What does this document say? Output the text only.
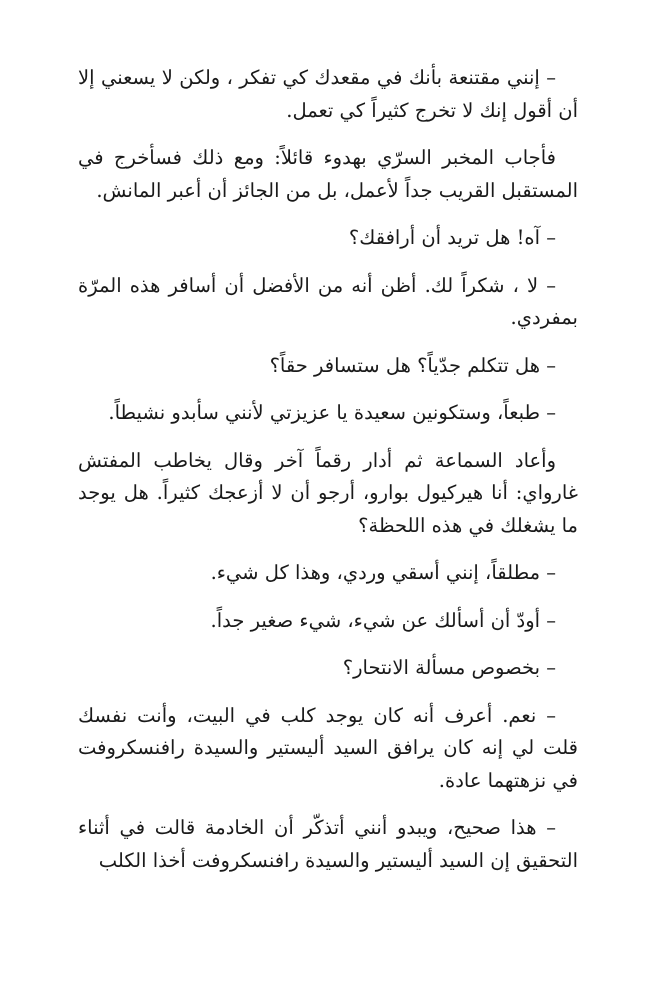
– إنني مقتنعة بأنك في مقعدك كي تفكر ، ولكن لا يسعني إلا أن أقول إنك لا تخرج كثيراً كي تعمل.

فأجاب المخبر السرّي بهدوء قائلاً: ومع ذلك فسأخرج في المستقبل القريب جداً لأعمل، بل من الجائز أن أعبر المانش.

– آه! هل تريد أن أرافقك؟

– لا ، شكراً لك. أظن أنه من الأفضل أن أسافر هذه المرّة بمفردي.

– هل تتكلم جدّياً؟ هل ستسافر حقاً؟

– طبعاً، وستكونين سعيدة يا عزيزتي لأنني سأبدو نشيطاً.

وأعاد السماعة ثم أدار رقماً آخر وقال يخاطب المفتش غارواي: أنا هيركيول بوارو، أرجو أن لا أزعجك كثيراً. هل يوجد ما يشغلك في هذه اللحظة؟

– مطلقاً، إنني أسقي وردي، وهذا كل شيء.

– أودّ أن أسألك عن شيء، شيء صغير جداً.

– بخصوص مسألة الانتحار؟

– نعم. أعرف أنه كان يوجد كلب في البيت، وأنت نفسك قلت لي إنه كان يرافق السيد أليستير والسيدة رافنسكروفت في نزهتهما عادة.

– هذا صحيح، ويبدو أنني أتذكّر أن الخادمة قالت في أثناء التحقيق إن السيد أليستير والسيدة رافنسكروفت أخذا الكلب
